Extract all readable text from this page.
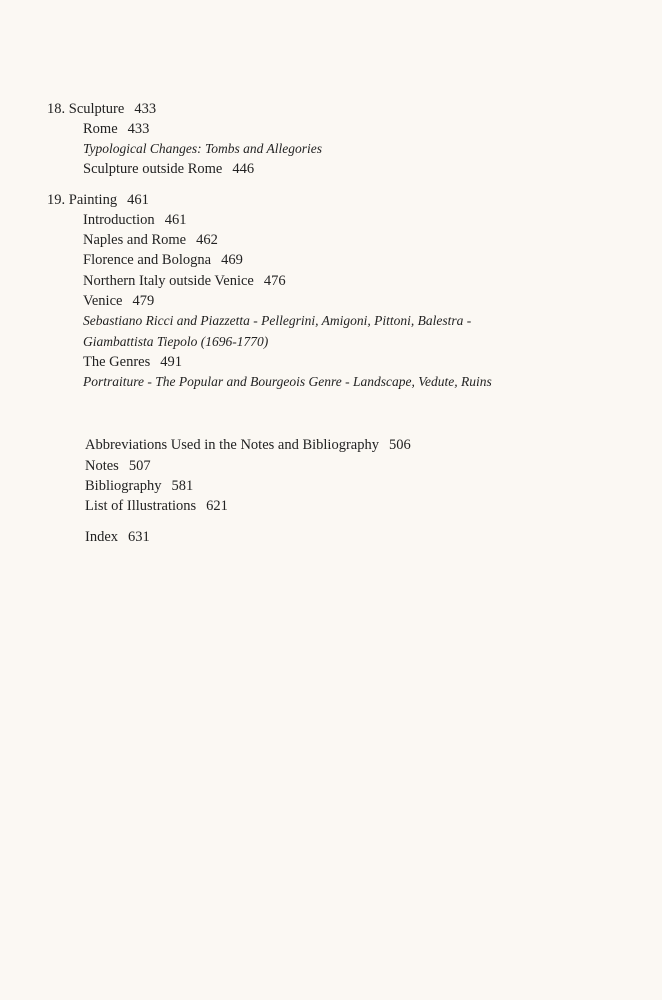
18. Sculpture 433
Rome 433
Typological Changes: Tombs and Allegories
Sculpture outside Rome 446
19. Painting 461
Introduction 461
Naples and Rome 462
Florence and Bologna 469
Northern Italy outside Venice 476
Venice 479
Sebastiano Ricci and Piazzetta - Pellegrini, Amigoni, Pittoni, Balestra -
Giambattista Tiepolo (1696-1770)
The Genres 491
Portraiture - The Popular and Bourgeois Genre - Landscape, Vedute, Ruins
Abbreviations Used in the Notes and Bibliography 506
Notes 507
Bibliography 581
List of Illustrations 621
Index 631
